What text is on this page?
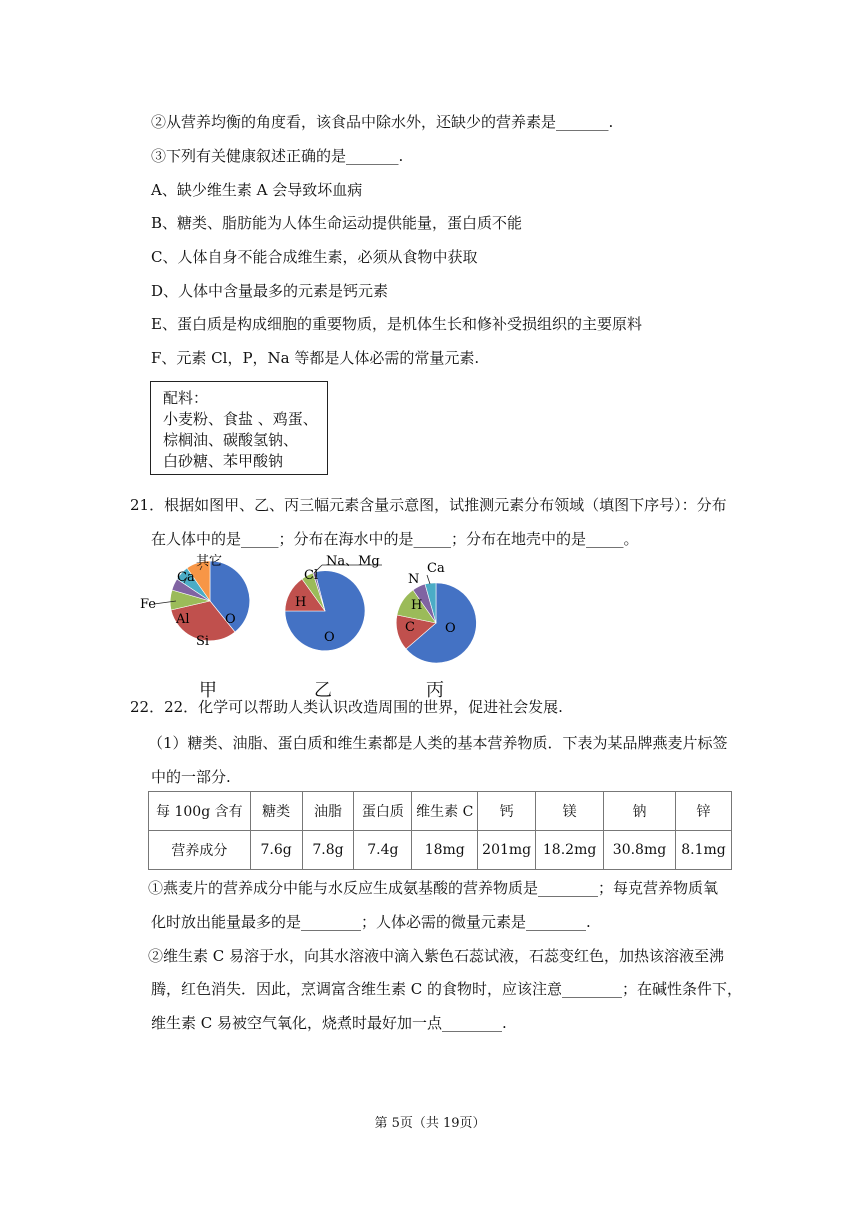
②从营养均衡的角度看，该食品中除水外，还缺少的营养素是_______.
③下列有关健康叙述正确的是_______.
A、缺少维生素 A 会导致坏血病
B、糖类、脂肪能为人体生命运动提供能量，蛋白质不能
C、人体自身不能合成维生素，必须从食物中获取
D、人体中含量最多的元素是钙元素
E、蛋白质是构成细胞的重要物质，是机体生长和修补受损组织的主要原料
F、元素 Cl，P，Na 等都是人体必需的常量元素.
配料：
小麦粉、食盐 、鸡蛋、
棕榈油、碳酸氢钠、
白砂糖、苯甲酸钠
21．根据如图甲、乙、丙三幅元素含量示意图，试推测元素分布领域（填图下序号）：分布
在人体中的是_____；分布在海水中的是_____；分布在地壳中的是_____。
其它
Ca
Fe
Al
Si
O
Cl
Na、Mg
H
O
Ca
N
H
C O
甲	乙	丙
22．22．化学可以帮助人类认识改造周围的世界，促进社会发展.
（1）糖类、油脂、蛋白质和维生素都是人类的基本营养物质．下表为某品牌燕麦片标签
中的一部分.
每 100g 含有	糖类	油脂	蛋白质	维生素 C	钙	镁	钠	锌
营养成分	7.6g	7.8g	7.4g	18mg	201mg	18.2mg	30.8mg	8.1mg
①燕麦片的营养成分中能与水反应生成氨基酸的营养物质是________；每克营养物质氧
化时放出能量最多的是________；人体必需的微量元素是________.
②维生素 C 易溶于水，向其水溶液中滴入紫色石蕊试液，石蕊变红色，加热该溶液至沸
腾，红色消失．因此，烹调富含维生素 C 的食物时，应该注意________；在碱性条件下，
维生素 C 易被空气氧化，烧煮时最好加一点________.
第 5页（共 19页）
